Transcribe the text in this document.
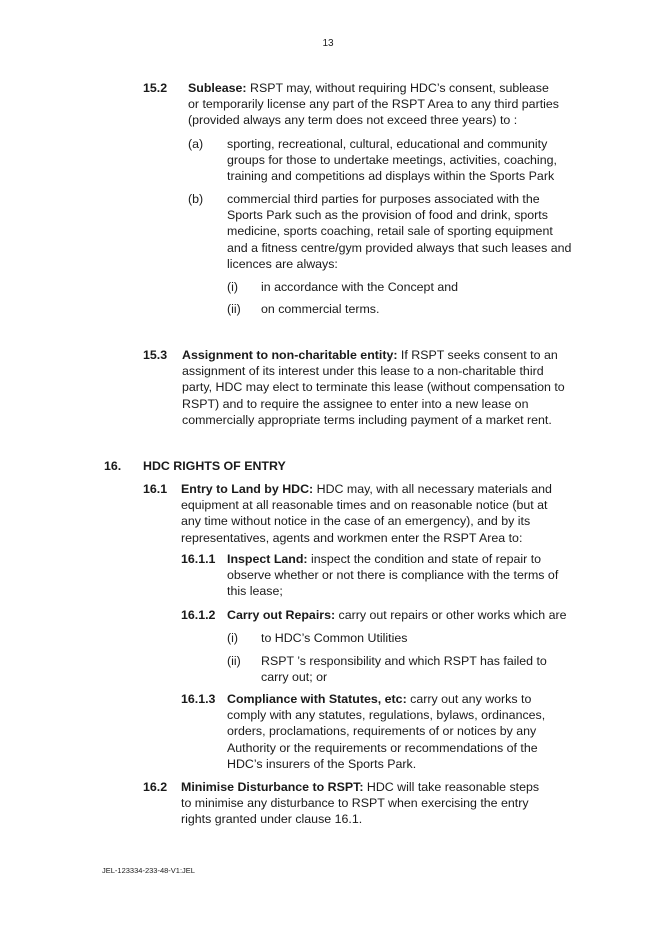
13
15.2 Sublease: RSPT may, without requiring HDC’s consent, sublease or temporarily license any part of the RSPT Area to any third parties (provided always any term does not exceed three years) to :
(a) sporting, recreational, cultural, educational and community groups for those to undertake meetings, activities, coaching, training and competitions ad displays within the Sports Park
(b) commercial third parties for purposes associated with the Sports Park such as the provision of food and drink, sports medicine, sports coaching, retail sale of sporting equipment and a fitness centre/gym provided always that such leases and licences are always:
(i) in accordance with the Concept and
(ii) on commercial terms.
15.3 Assignment to non-charitable entity: If RSPT seeks consent to an assignment of its interest under this lease to a non-charitable third party, HDC may elect to terminate this lease (without compensation to RSPT) and to require the assignee to enter into a new lease on commercially appropriate terms including payment of a market rent.
16. HDC RIGHTS OF ENTRY
16.1 Entry to Land by HDC: HDC may, with all necessary materials and equipment at all reasonable times and on reasonable notice (but at any time without notice in the case of an emergency), and by its representatives, agents and workmen enter the RSPT Area to:
16.1.1 Inspect Land: inspect the condition and state of repair to observe whether or not there is compliance with the terms of this lease;
16.1.2 Carry out Repairs: carry out repairs or other works which are
(i) to HDC’s Common Utilities
(ii) RSPT ’s responsibility and which RSPT has failed to carry out; or
16.1.3 Compliance with Statutes, etc: carry out any works to comply with any statutes, regulations, bylaws, ordinances, orders, proclamations, requirements of or notices by any Authority or the requirements or recommendations of the HDC’s insurers of the Sports Park.
16.2 Minimise Disturbance to RSPT: HDC will take reasonable steps to minimise any disturbance to RSPT when exercising the entry rights granted under clause 16.1.
JEL-123334-233-48-V1:JEL
